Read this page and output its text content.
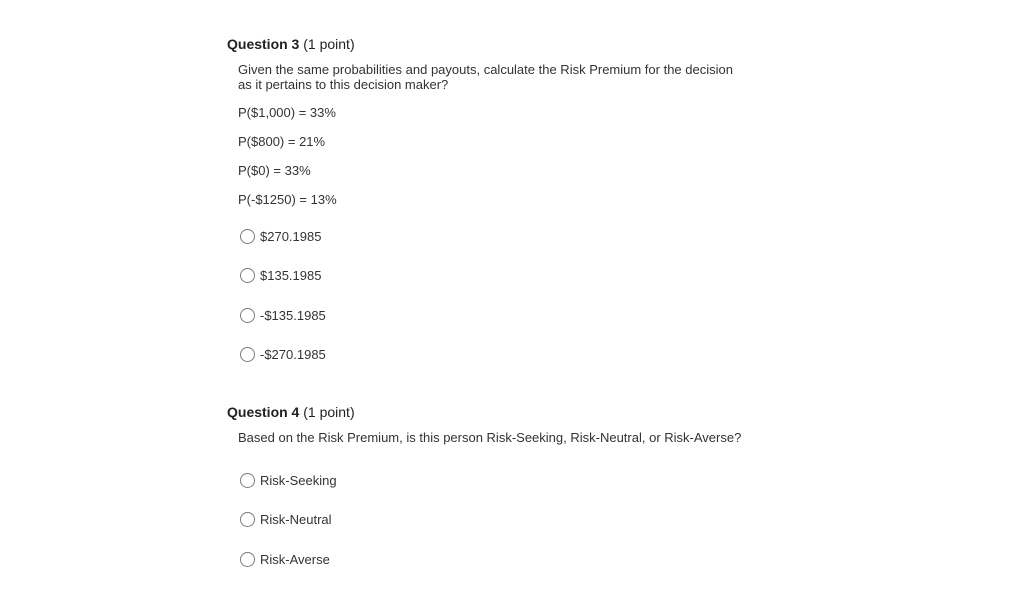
Question 3 (1 point)
Given the same probabilities and payouts, calculate the Risk Premium for the decision as it pertains to this decision maker?
P($1,000) = 33%
P($800) = 21%
P($0) = 33%
P(-$1250) = 13%
$270.1985
$135.1985
-$135.1985
-$270.1985
Question 4 (1 point)
Based on the Risk Premium, is this person Risk-Seeking, Risk-Neutral, or Risk-Averse?
Risk-Seeking
Risk-Neutral
Risk-Averse
